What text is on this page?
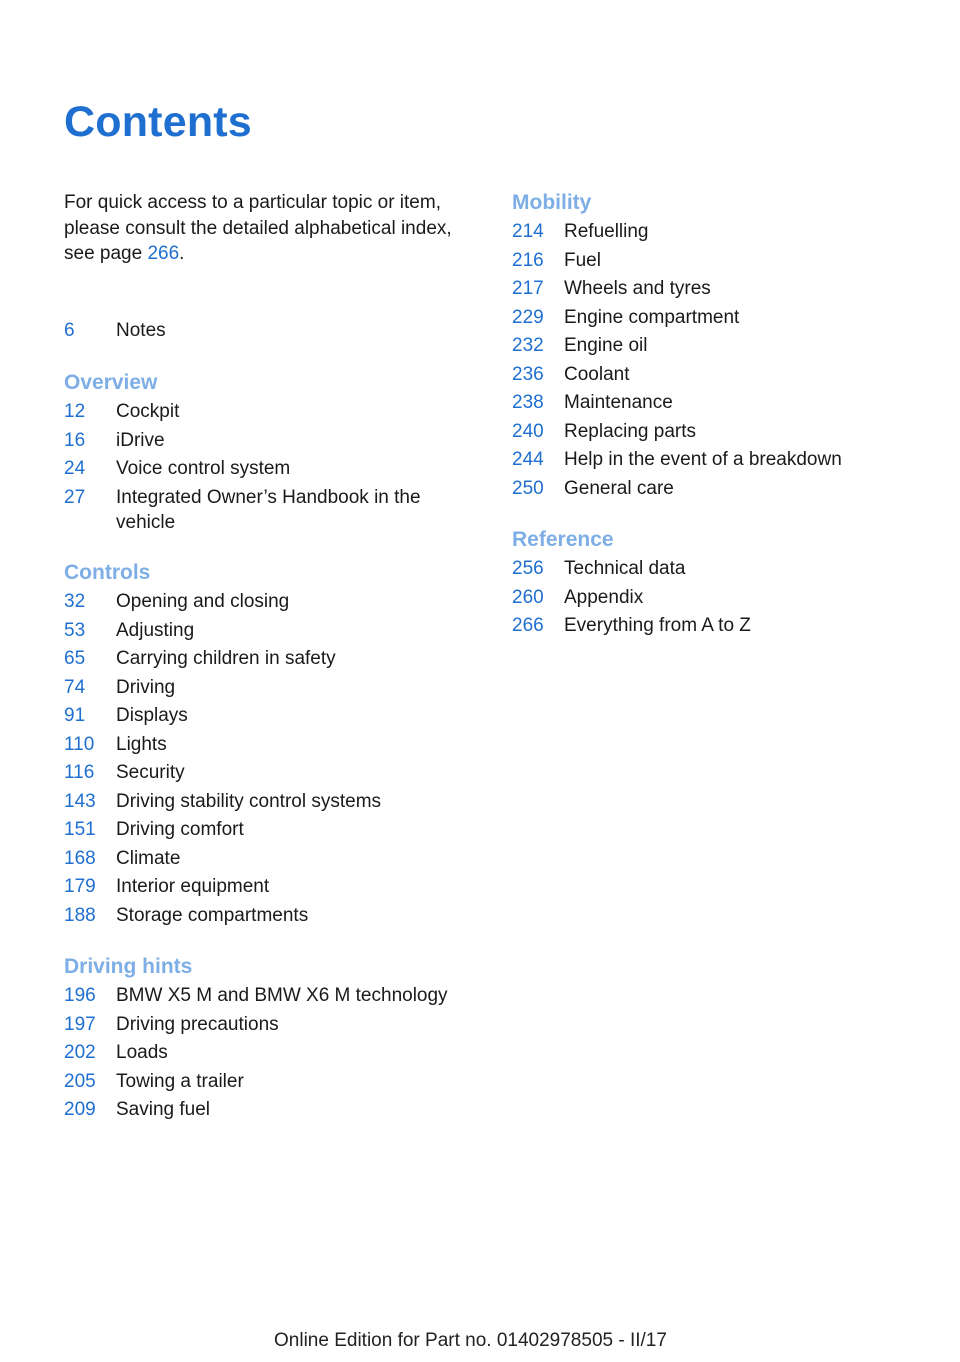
Contents

For quick access to a particular topic or item, please consult the detailed alphabetical index, see page 266.

6	Notes
Overview
12	Cockpit
16	iDrive
24	Voice control system
27	Integrated Owner’s Handbook in the vehicle
Controls
32	Opening and closing
53	Adjusting
65	Carrying children in safety
74	Driving
91	Displays
110	Lights
116	Security
143	Driving stability control systems
151	Driving comfort
168	Climate
179	Interior equipment
188	Storage compartments
Driving hints
196	BMW X5 M and BMW X6 M technology
197	Driving precautions
202	Loads
205	Towing a trailer
209	Saving fuel
Mobility
214	Refuelling
216	Fuel
217	Wheels and tyres
229	Engine compartment
232	Engine oil
236	Coolant
238	Maintenance
240	Replacing parts
244	Help in the event of a breakdown
250	General care
Reference
256	Technical data
260	Appendix
266	Everything from A to Z
Online Edition for Part no. 01402978505 - II/17
